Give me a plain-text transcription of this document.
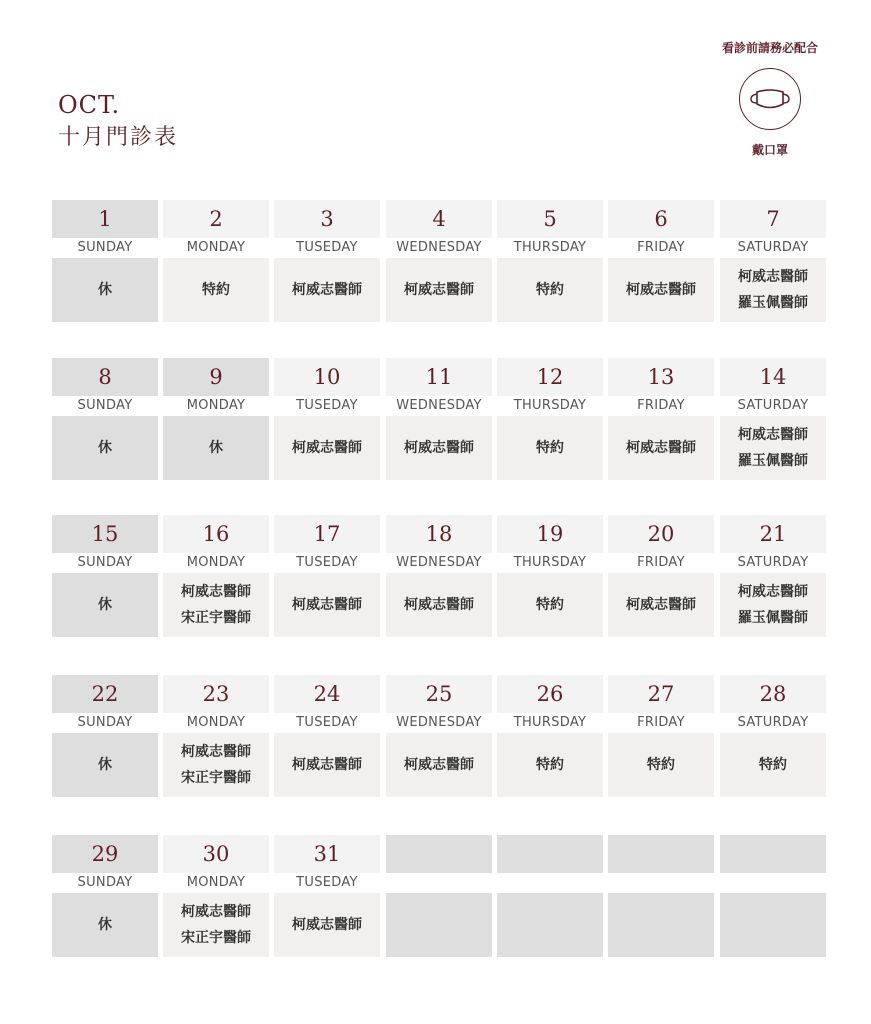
OCT.
十月門診表
看診前請務必配合
戴口罩
1
SUNDAY
休
2
MONDAY
特約
3
TUSEDAY
柯威志醫師
4
WEDNESDAY
柯威志醫師
5
THURSDAY
特約
6
FRIDAY
柯威志醫師
7
SATURDAY
柯威志醫師
羅玉佩醫師
8
SUNDAY
休
9
MONDAY
休
10
TUSEDAY
柯威志醫師
11
WEDNESDAY
柯威志醫師
12
THURSDAY
特約
13
FRIDAY
柯威志醫師
14
SATURDAY
柯威志醫師
羅玉佩醫師
15
SUNDAY
休
16
MONDAY
柯威志醫師
宋正宇醫師
17
TUSEDAY
柯威志醫師
18
WEDNESDAY
柯威志醫師
19
THURSDAY
特約
20
FRIDAY
柯威志醫師
21
SATURDAY
柯威志醫師
羅玉佩醫師
22
SUNDAY
休
23
MONDAY
柯威志醫師
宋正宇醫師
24
TUSEDAY
柯威志醫師
25
WEDNESDAY
柯威志醫師
26
THURSDAY
特約
27
FRIDAY
特約
28
SATURDAY
特約
29
SUNDAY
休
30
MONDAY
柯威志醫師
宋正宇醫師
31
TUSEDAY
柯威志醫師
